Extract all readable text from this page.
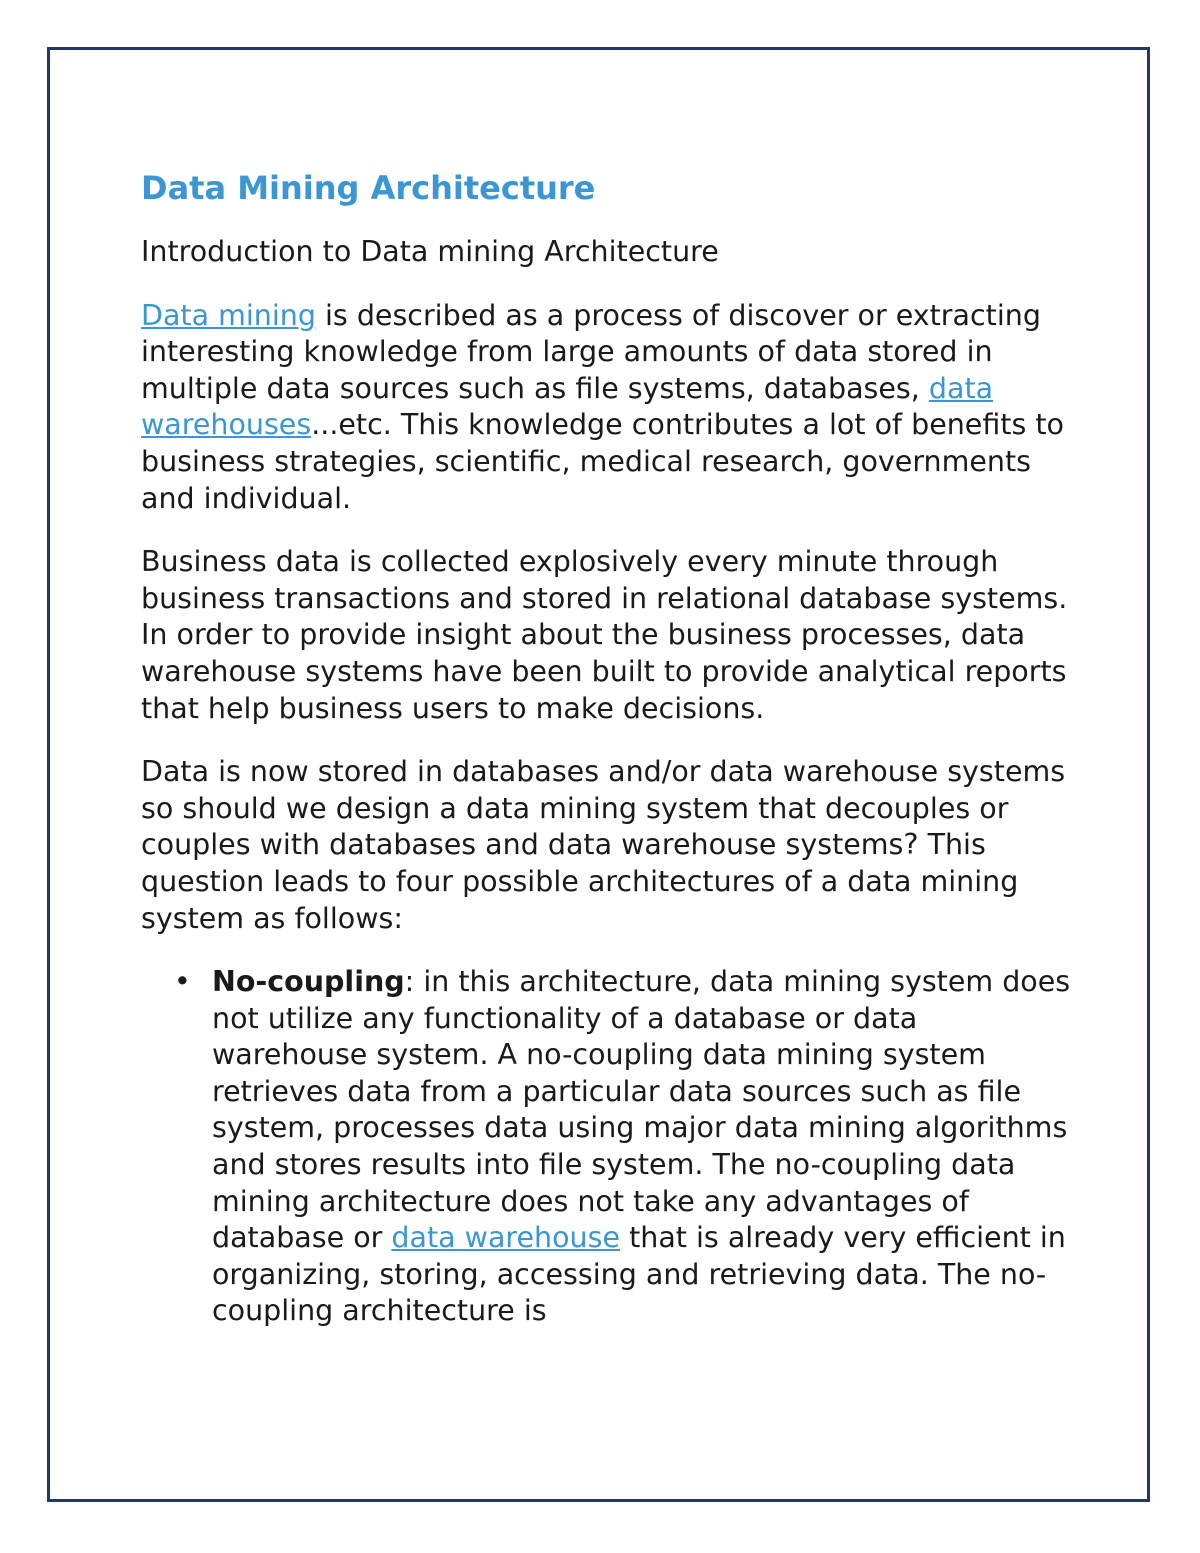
Data Mining Architecture
Introduction to Data mining Architecture

Data mining is described as a process of discover or extracting interesting knowledge from large amounts of data stored in multiple data sources such as file systems, databases, data warehouses...etc. This knowledge contributes a lot of benefits to business strategies, scientific, medical research, governments and individual.

Business data is collected explosively every minute through business transactions and stored in relational database systems. In order to provide insight about the business processes, data warehouse systems have been built to provide analytical reports that help business users to make decisions.

Data is now stored in databases and/or data warehouse systems so should we design a data mining system that decouples or couples with databases and data warehouse systems? This question leads to four possible architectures of a data mining system as follows:

• No-coupling: in this architecture, data mining system does not utilize any functionality of a database or data warehouse system. A no-coupling data mining system retrieves data from a particular data sources such as file system, processes data using major data mining algorithms and stores results into file system. The no-coupling data mining architecture does not take any advantages of database or data warehouse that is already very efficient in organizing, storing, accessing and retrieving data. The no-coupling architecture is
